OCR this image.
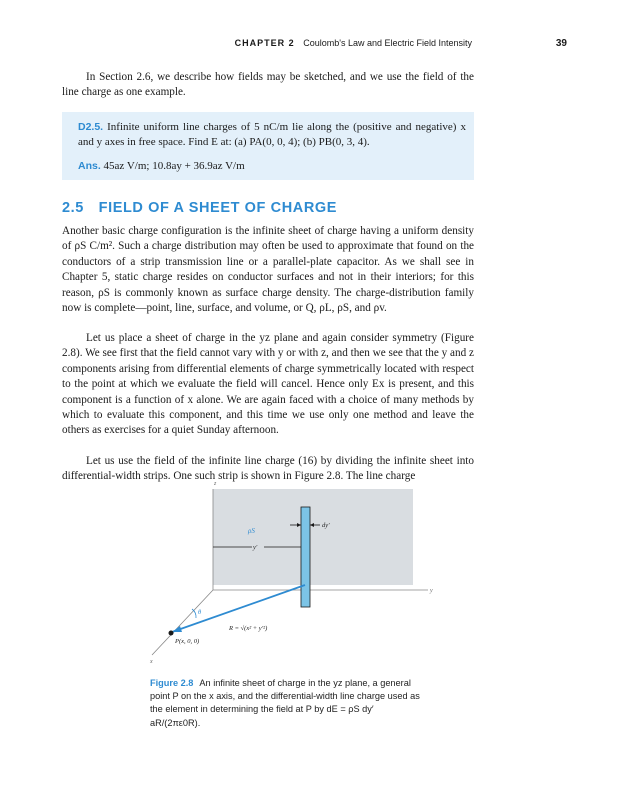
CHAPTER 2 Coulomb's Law and Electric Field Intensity	39

In Section 2.6, we describe how fields may be sketched, and we use the field of the line charge as one example.

D2.5. Infinite uniform line charges of 5 nC/m lie along the (positive and negative) x and y axes in free space. Find E at: (a) PA(0, 0, 4); (b) PB(0, 3, 4).

Ans. 45az V/m; 10.8ay + 36.9az V/m

2.5 FIELD OF A SHEET OF CHARGE

Another basic charge configuration is the infinite sheet of charge having a uniform density of ρS C/m². Such a charge distribution may often be used to approximate that found on the conductors of a strip transmission line or a parallel-plate capacitor. As we shall see in Chapter 5, static charge resides on conductor surfaces and not in their interiors; for this reason, ρS is commonly known as surface charge density. The charge-distribution family now is complete—point, line, surface, and volume, or Q, ρL, ρS, and ρv.

Let us place a sheet of charge in the yz plane and again consider symmetry (Figure 2.8). We see first that the field cannot vary with y or with z, and then we see that the y and z components arising from differential elements of charge symmetrically located with respect to the point at which we evaluate the field will cancel. Hence only Ex is present, and this component is a function of x alone. We are again faced with a choice of many methods by which to evaluate this component, and this time we use only one method and leave the others as exercises for a quiet Sunday afternoon.

Let us use the field of the infinite line charge (16) by dividing the infinite sheet into differential-width strips. One such strip is shown in Figure 2.8. The line charge

z
y
x
dy′
ρS
y′
θ
R = √(x² + y′²)
P(x, 0, 0)
Figure 2.8 An infinite sheet of charge in the yz plane, a general point P on the x axis, and the differential-width line charge used as the element in determining the field at P by dE = ρS dy′ aR/(2πε0R).
